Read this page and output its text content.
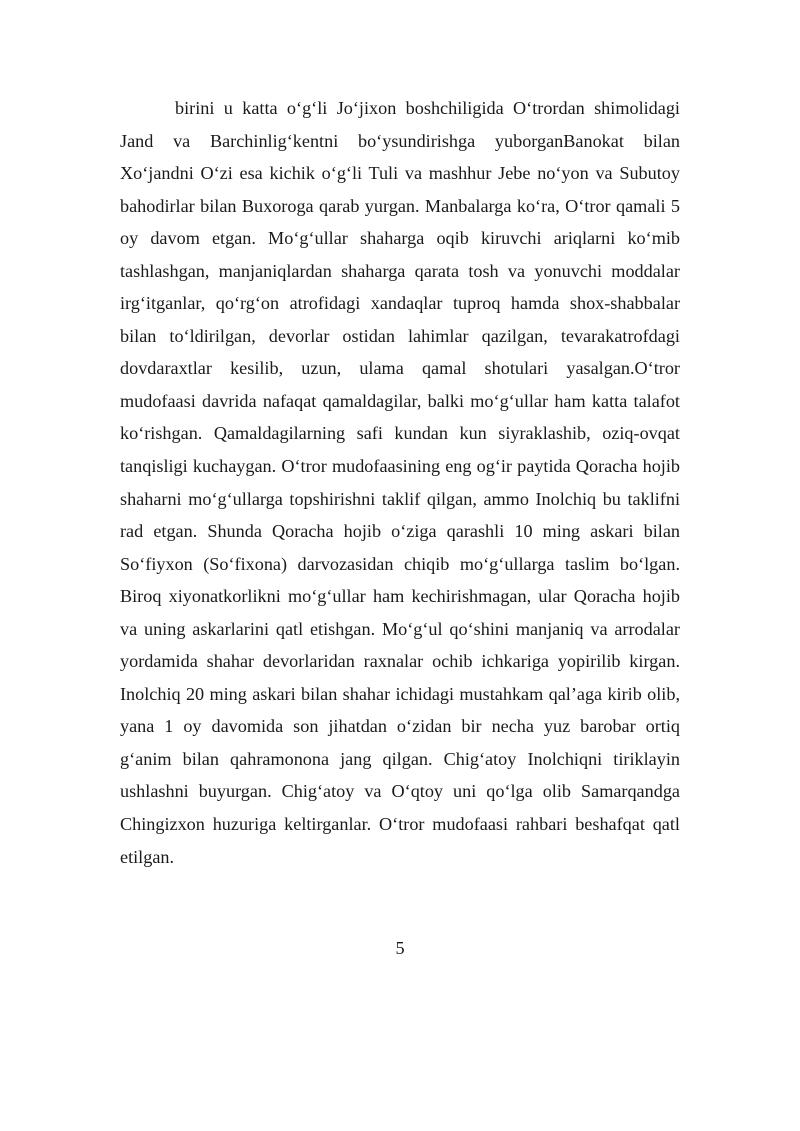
birini u katta o‘g‘li Jo‘jixon boshchiligida O‘trordan shimolidagi Jand va Barchinlig‘kentni bo‘ysundirishga yuborganBanokat bilan Xo‘jandni O‘zi esa kichik o‘g‘li Tuli va mashhur Jebe no‘yon va Subutoy bahodirlar bilan Buxoroga qarab yurgan. Manbalarga ko‘ra, O‘tror qamali 5 oy davom etgan. Mo‘g‘ullar shaharga oqib kiruvchi ariqlarni ko‘mib tashlashgan, manjaniqlardan shaharga qarata tosh va yonuvchi moddalar irg‘itganlar, qo‘rg‘on atrofidagi xandaqlar tuproq hamda shox-shabbalar bilan to‘ldirilgan, devorlar ostidan lahimlar qazilgan, tevarakatrofdagi dovdaraxtlar kesilib, uzun, ulama qamal shotulari yasalgan.O‘tror mudofaasi davrida nafaqat qamaldagilar, balki mo‘g‘ullar ham katta talafot ko‘rishgan. Qamaldagilarning safi kundan kun siyraklashib, oziq-ovqat tanqisligi kuchaygan. O‘tror mudofaasining eng og‘ir paytida Qoracha hojib shaharni mo‘g‘ullarga topshirishni taklif qilgan, ammo Inolchiq bu taklifni rad etgan. Shunda Qoracha hojib o‘ziga qarashli 10 ming askari bilan So‘fiyxon (So‘fixona) darvozasidan chiqib mo‘g‘ullarga taslim bo‘lgan. Biroq xiyonatkorlikni mo‘g‘ullar ham kechirishmagan, ular Qoracha hojib va uning askarlarini qatl etishgan. Mo‘g‘ul qo‘shini manjaniq va arrodalar yordamida shahar devorlaridan raxnalar ochib ichkariga yopirilib kirgan. Inolchiq 20 ming askari bilan shahar ichidagi mustahkam qal’aga kirib olib, yana 1 oy davomida son jihatdan o‘zidan bir necha yuz barobar ortiq g‘anim bilan qahramonona jang qilgan. Chig‘atoy Inolchiqni tiriklayin ushlashni buyurgan. Chig‘atoy va O‘qtoy uni qo‘lga olib Samarqandga Chingizxon huzuriga keltirganlar. O‘tror mudofaasi rahbari beshafqat qatl etilgan.

5
